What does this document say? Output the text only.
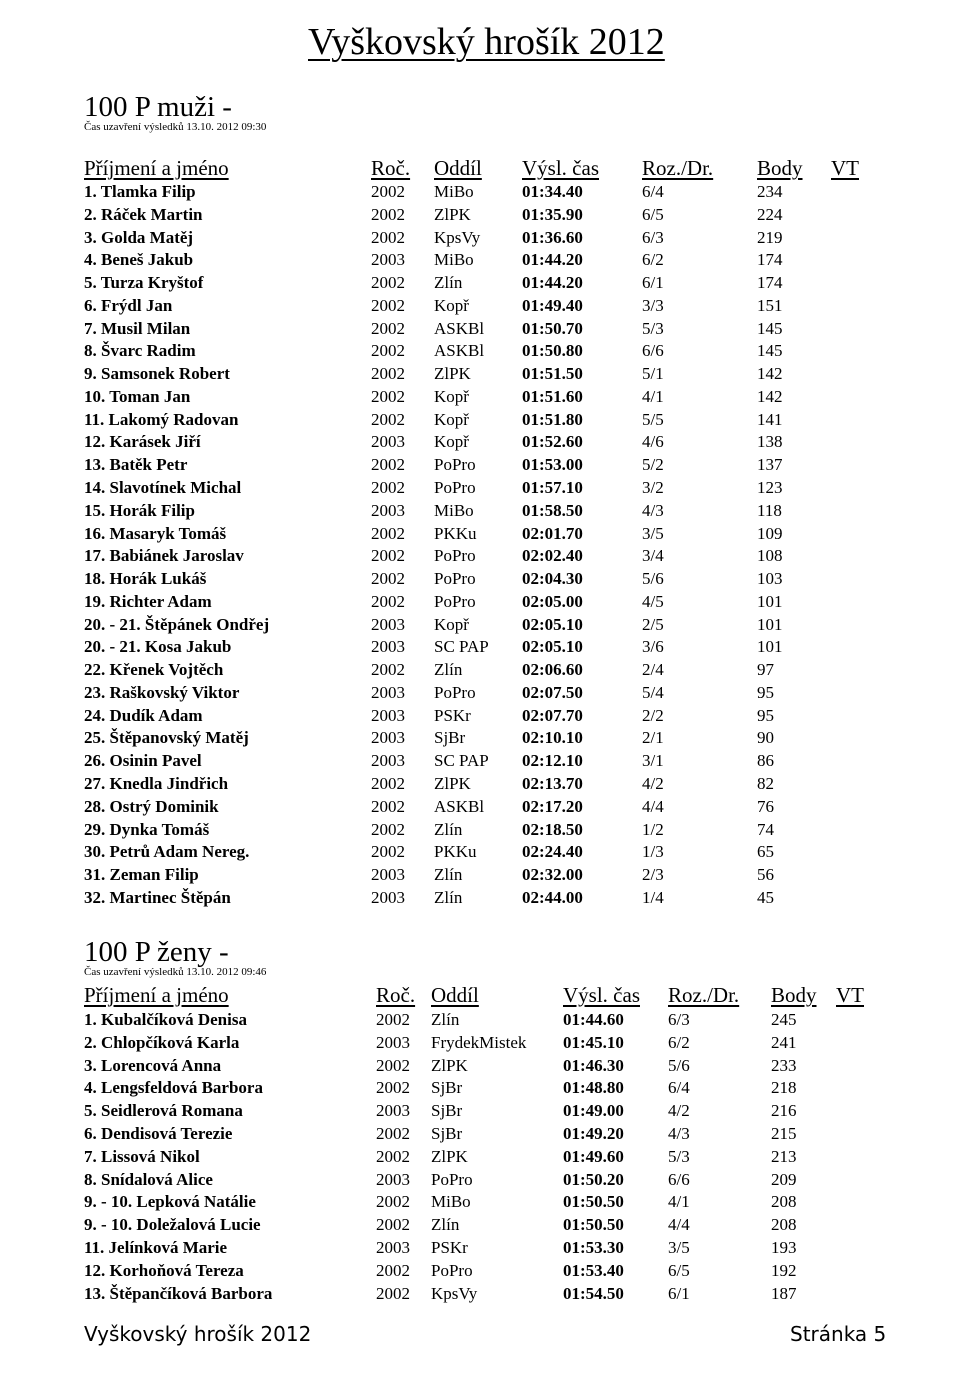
Vyškovský hrošík 2012
100 P muži -
Čas uzavření výsledků 13.10. 2012 09:30
Příjmení a jméno	Roč. Oddíl Výsl. čas Roz./Dr. Body VT
1. Tlamka Filip	2002 MiBo	01:34.40	6/4	234
2. Ráček Martin	2002 ZlPK	01:35.90	6/5	224
3. Golda Matěj	2002 KpsVy 01:36.60	6/3	219
4. Beneš Jakub	2003 MiBo	01:44.20	6/2	174
5. Turza Kryštof	2002 Zlín	01:44.20	6/1	174
6. Frýdl Jan	2002 Kopř	01:49.40	3/3	151
7. Musil Milan	2002 ASKBl 01:50.70	5/3	145
8. Švarc Radim	2002 ASKBl 01:50.80	6/6	145
9. Samsonek Robert	2002 ZlPK	01:51.50	5/1	142
10. Toman Jan	2002 Kopř	01:51.60	4/1	142
11. Lakomý Radovan	2002 Kopř	01:51.80	5/5	141
12. Karásek Jiří	2003 Kopř	01:52.60	4/6	138
13. Batěk Petr	2002 PoPro	01:53.00	5/2	137
14. Slavotínek Michal	2002 PoPro	01:57.10	3/2	123
15. Horák Filip	2003 MiBo	01:58.50	4/3	118
16. Masaryk Tomáš	2002 PKKu	02:01.70	3/5	109
17. Babiánek Jaroslav	2002 PoPro	02:02.40	3/4	108
18. Horák Lukáš	2002 PoPro	02:04.30	5/6	103
19. Richter Adam	2002 PoPro	02:05.00	4/5	101
20. - 21. Štěpánek Ondřej	2003 Kopř	02:05.10	2/5	101
20. - 21. Kosa Jakub	2003 SC PAP 02:05.10	3/6	101
22. Křenek Vojtěch	2002 Zlín	02:06.60	2/4	97
23. Raškovský Viktor	2003 PoPro	02:07.50	5/4	95
24. Dudík Adam	2003 PSKr	02:07.70	2/2	95
25. Štěpanovský Matěj	2003 SjBr	02:10.10	2/1	90
26. Osinin Pavel	2003 SC PAP 02:12.10	3/1	86
27. Knedla Jindřich	2002 ZlPK	02:13.70	4/2	82
28. Ostrý Dominik	2002 ASKBl 02:17.20	4/4	76
29. Dynka Tomáš	2002 Zlín	02:18.50	1/2	74
30. Petrů Adam Nereg.	2002 PKKu	02:24.40	1/3	65
31. Zeman Filip	2003 Zlín	02:32.00	2/3	56
32. Martinec Štěpán	2003 Zlín	02:44.00	1/4	45
100 P ženy -
Čas uzavření výsledků 13.10. 2012 09:46
Příjmení a jméno	Roč. Oddíl	Výsl. čas Roz./Dr. Body VT
1. Kubalčíková Denisa	2002 Zlín	01:44.60	6/3	245
2. Chlopčíková Karla	2003 FrydekMistek 01:45.10	6/2	241
3. Lorencová Anna	2002 ZlPK	01:46.30	5/6	233
4. Lengsfeldová Barbora	2002 SjBr	01:48.80	6/4	218
5. Seidlerová Romana	2003 SjBr	01:49.00	4/2	216
6. Dendisová Terezie	2002 SjBr	01:49.20	4/3	215
7. Lissová Nikol	2002 ZlPK	01:49.60	5/3	213
8. Snídalová Alice	2003 PoPro	01:50.20	6/6	209
9. - 10. Lepková Natálie	2002 MiBo	01:50.50	4/1	208
9. - 10. Doležalová Lucie	2002 Zlín	01:50.50	4/4	208
11. Jelínková Marie	2003 PSKr	01:53.30	3/5	193
12. Korhoňová Tereza	2002 PoPro	01:53.40	6/5	192
13. Štěpančíková Barbora	2002 KpsVy	01:54.50	6/1	187
Vyškovský hrošík 2012	Stránka 5
